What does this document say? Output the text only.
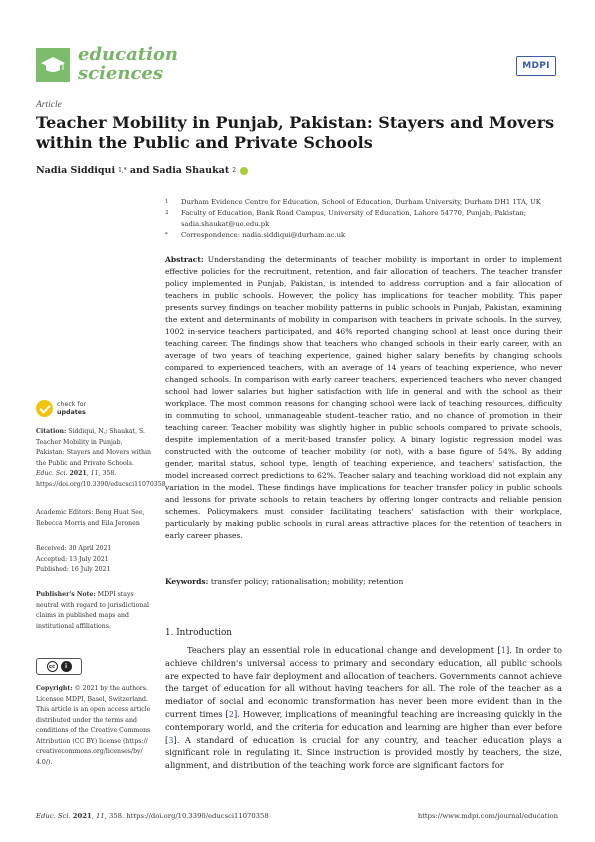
education
sciences	MDPI
Article
Teacher Mobility in Punjab, Pakistan: Stayers and Movers
within the Public and Private Schools
Nadia Siddiqui 1,* and Sadia Shaukat 2
1	Durham Evidence Centre for Education, School of Education, Durham University, Durham DH1 1TA, UK
2	Faculty of Education, Bank Road Campus, University of Education, Lahore 54770, Punjab, Pakistan;
sadia.shaukat@ue.edu.pk
*	Correspondence: nadia.siddiqui@durham.ac.uk
Abstract: Understanding the determinants of teacher mobility is important in order to implement effective policies for the recruitment, retention, and fair allocation of teachers. The teacher transfer policy implemented in Punjab, Pakistan, is intended to address corruption and a fair allocation of teachers in public schools. However, the policy has implications for teacher mobility. This paper presents survey findings on teacher mobility patterns in public schools in Punjab, Pakistan, examining the extent and determinants of mobility in comparison with teachers in private schools. In the survey, 1002 in-service teachers participated, and 46% reported changing school at least once during their teaching career. The findings show that teachers who changed schools in their early career, with an average of two years of teaching experience, gained higher salary benefits by changing schools compared to experienced teachers, with an average of 14 years of teaching experience, who never changed schools. In comparison with early career teachers, experienced teachers who never changed school had lower salaries but higher satisfaction with life in general and with the school as their workplace. The most common reasons for changing school were lack of teaching resources, difficulty in commuting to school, unmanageable student–teacher ratio, and no chance of promotion in their teaching career. Teacher mobility was slightly higher in public schools compared to private schools, despite implementation of a merit-based transfer policy. A binary logistic regression model was constructed with the outcome of teacher mobility (or not), with a base figure of 54%. By adding gender, marital status, school type, length of teaching experience, and teachers' satisfaction, the model increased correct predictions to 62%. Teacher salary and teaching workload did not explain any variation in the model. These findings have implications for teacher transfer policy in public schools and lessons for private schools to retain teachers by offering longer contracts and reliable pension schemes. Policymakers must consider facilitating teachers' satisfaction with their workplace, particularly by making public schools in rural areas attractive places for the retention of teachers in early career phases.
Keywords: transfer policy; rationalisation; mobility; retention
1. Introduction
Teachers play an essential role in educational change and development [1]. In order to achieve children's universal access to primary and secondary education, all public schools are expected to have fair deployment and allocation of teachers. Governments cannot achieve the target of education for all without having teachers for all. The role of the teacher as a mediator of social and economic transformation has never been more evident than in the current times [2]. However, implications of meaningful teaching are increasing quickly in the contemporary world, and the criteria for education and learning are higher than ever before [3]. A standard of education is crucial for any country, and teacher education plays a significant role in regulating it. Since instruction is provided mostly by teachers, the size, alignment, and distribution of the teaching work force are significant factors for
check for
updates
Citation: Siddiqui, N.; Shaukat, S. Teacher Mobility in Punjab, Pakistan: Stayers and Movers within the Public and Private Schools. Educ. Sci. 2021, 11, 358. https://doi.org/10.3390/educsci11070358
Academic Editors: Beng Huat See, Rebecca Morris and Eila Jeronen
Received: 30 April 2021
Accepted: 13 July 2021
Published: 16 July 2021
Publisher's Note: MDPI stays neutral with regard to jurisdictional claims in published maps and institutional affiliations.
cc	i
Copyright: © 2021 by the authors. Licensee MDPI, Basel, Switzerland. This article is an open access article distributed under the terms and conditions of the Creative Commons Attribution (CC BY) license (https:// creativecommons.org/licenses/by/ 4.0/).
Educ. Sci. 2021, 11, 358. https://doi.org/10.3390/educsci11070358	https://www.mdpi.com/journal/education
